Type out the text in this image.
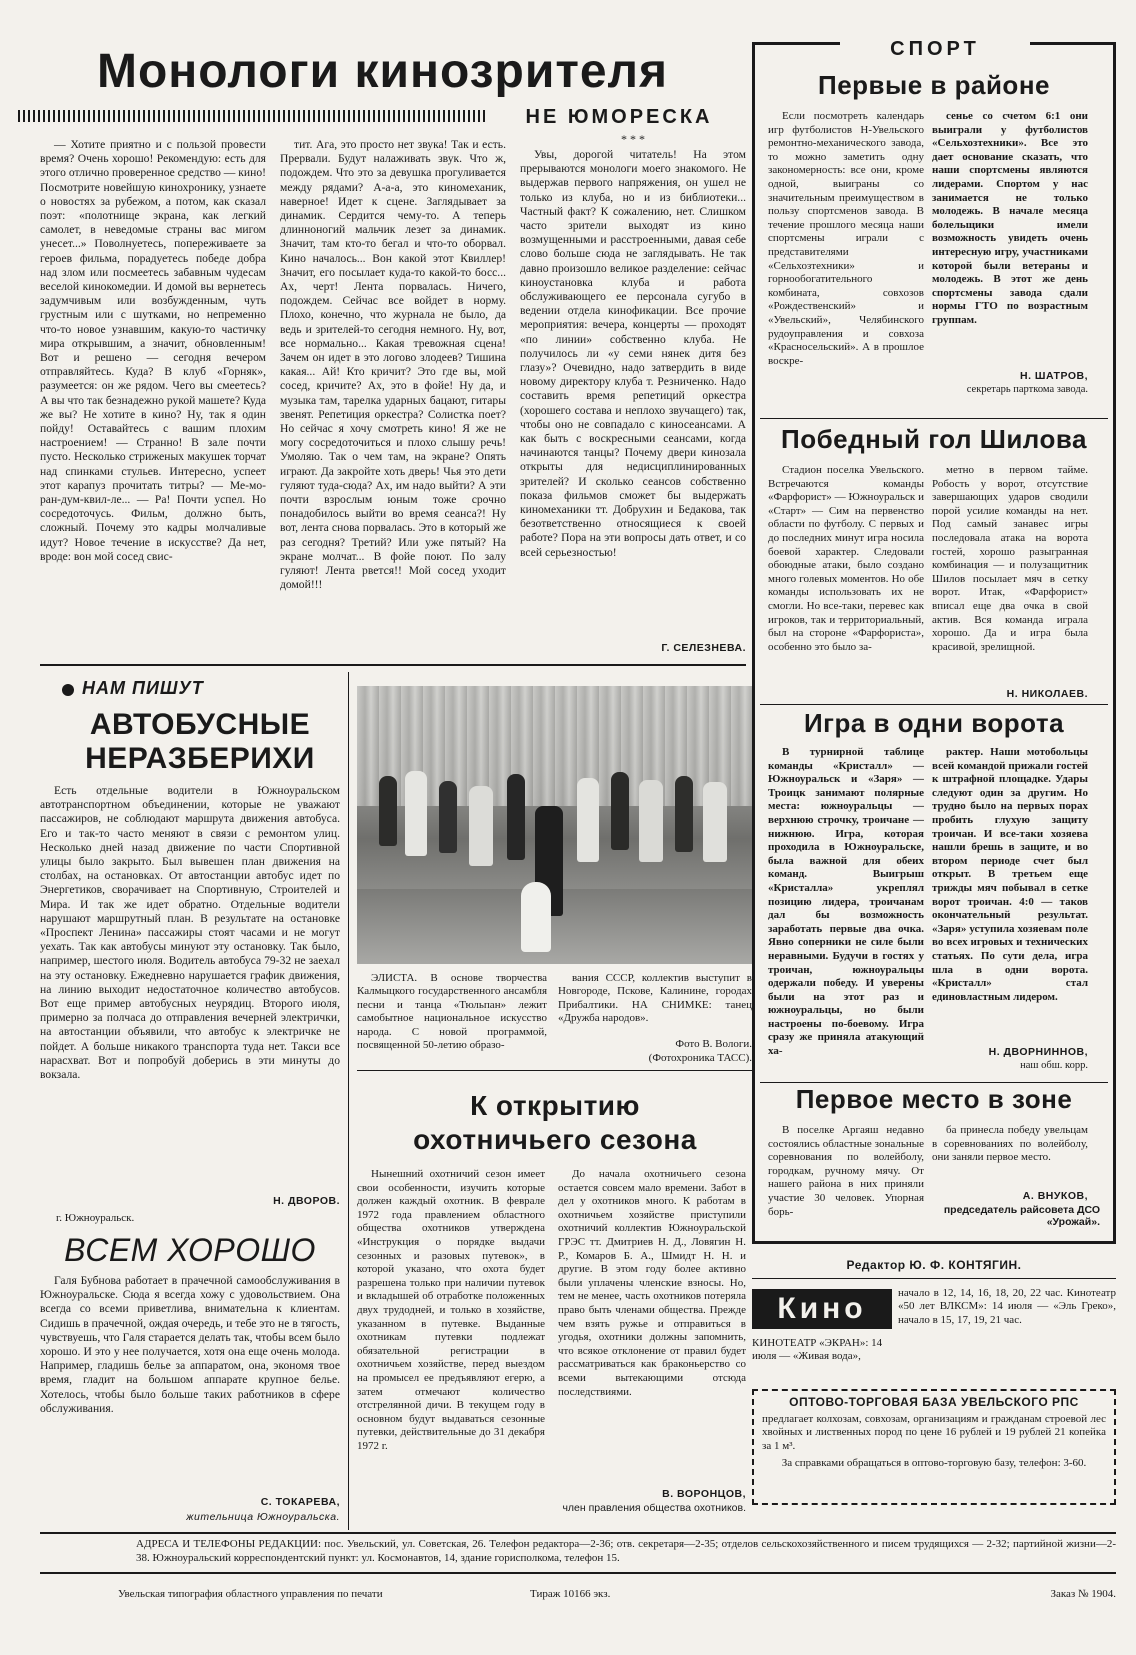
Монологи кинозрителя
НЕ ЮМОРЕСКА

— Хотите приятно и с пользой провести время? Очень хорошо! Рекомендую: есть для этого отлично проверенное средство — кино! Посмотрите новейшую кинохронику, узнаете о новостях за рубежом, а потом, как сказал поэт: «полотнище экрана, как легкий самолет, в неведомые страны вас мигом унесет...» Поволнуетесь, попереживаете за героев фильма, порадуетесь победе добра над злом или посмеетесь забавным чудесам веселой кинокомедии. И домой вы вернетесь задумчивым или возбужденным, чуть грустным или с шутками, но непременно что-то новое узнавшим, какую-то частичку мира открывшим, а значит, обновленным! Вот и решено — сегодня вечером отправляйтесь. Куда? В клуб «Горняк», разумеется: он же рядом. Чего вы смеетесь? А вы что так безнадежно рукой машете? Куда же вы? Не хотите в кино? Ну, так я один пойду! Оставайтесь с вашим плохим настроением! — Странно! В зале почти пусто. Несколько стриженых макушек торчат над спинками стульев. Интересно, успеет этот карапуз прочитать титры? — Ме-мо-ран-дум-квил-ле... — Ра! Почти успел. Но сосредоточусь. Фильм, должно быть, сложный. Почему это кадры молчаливые идут? Новое течение в искусстве? Да нет, вроде: вон мой сосед свис-

тит. Ага, это просто нет звука! Так и есть. Прервали. Будут налаживать звук. Что ж, подождем. Что это за девушка прогуливается между рядами? А-а-а, это киномеханик, наверное! Идет к сцене. Заглядывает за динамик. Сердится чему-то. А теперь длинноногий мальчик лезет за динамик. Значит, там кто-то бегал и что-то оборвал. Кино началось... Вон какой этот Квиллер! Значит, его посылает куда-то какой-то босс... Ах, черт! Лента порвалась. Ничего, подождем. Сейчас все войдет в норму. Плохо, конечно, что журнала не было, да ведь и зрителей-то сегодня немного. Ну, вот, все нормально... Какая тревожная сцена! Зачем он идет в это логово злодеев? Тишина какая... Ай! Кто кричит? Это где вы, мой сосед, кричите? Ах, это в фойе! Ну да, и музыка там, тарелка ударных бацают, гитары звенят. Репетиция оркестра? Солистка поет? Но сейчас я хочу смотреть кино! Я же не могу сосредоточиться и плохо слышу речь! Умоляю. Так о чем там, на экране? Опять играют. Да закройте хоть дверь! Чья это дети гуляют туда-сюда? Ах, им надо выйти? А эти почти взрослым юным тоже срочно понадобилось выйти во время сеанса?! Ну вот, лента снова порвалась. Это в который же раз сегодня? Третий? Или уже пятый? На экране молчат... В фойе поют. По залу гуляют! Лента рвется!! Мой сосед уходит домой!!!

* * *

Увы, дорогой читатель! На этом прерываются монологи моего знакомого. Не выдержав первого напряжения, он ушел не только из клуба, но и из библиотеки... Частный факт? К сожалению, нет. Слишком часто зрители выходят из кино возмущенными и расстроенными, давая себе слово больше сюда не заглядывать. Не так давно произошло великое разделение: сейчас киноустановка клуба и работа обслуживающего ее персонала сугубо в ведении отдела кинофикации. Все прочие мероприятия: вечера, концерты — проходят «по линии» собственно клуба. Не получилось ли «у семи нянек дитя без глазу»? Очевидно, надо затвердить в виде новому директору клуба т. Резниченко. Надо составить время репетиций оркестра (хорошего состава и неплохо звучащего) так, чтобы оно не совпадало с киносеансами. А как быть с воскресными сеансами, когда начинаются танцы? Почему двери кинозала открыты для недисциплинированных зрителей? И сколько сеансов собственно показа фильмов сможет бы выдержать киномеханики тт. Добрухин и Бедакова, так безответственно относящиеся к своей работе? Пора на эти вопросы дать ответ, и со всей серьезностью!

Г. СЕЛЕЗНЕВА.
НАМ ПИШУТ
АВТОБУСНЫЕ
НЕРАЗБЕРИХИ

Есть отдельные водители в Южноуральском автотранспортном объединении, которые не уважают пассажиров, не соблюдают маршрута движения автобуса. Его и так-то часто меняют в связи с ремонтом улиц. Несколько дней назад движение по части Спортивной улицы было закрыто. Был вывешен план движения на столбах, на остановках. От автостанции автобус идет по Энергетиков, сворачивает на Спортивную, Строителей и Мира. И так же идет обратно. Отдельные водители нарушают маршрутный план. В результате на остановке «Проспект Ленина» пассажиры стоят часами и не могут уехать. Так как автобусы минуют эту остановку. Так было, например, шестого июля. Водитель автобуса 79-32 не заехал на эту остановку. Ежедневно нарушается график движения, на линию выходит недостаточное количество автобусов. Вот еще пример автобусных неурядиц. Второго июля, примерно за полчаса до отправления вечерней электрички, на автостанции объявили, что автобус к электричке не пойдет. А больше никакого транспорта туда нет. Такси все нарасхват. Вот и попробуй доберись в эти минуты до вокзала.

Н. ДВОРОВ.
г. Южноуральск.
ВСЕМ ХОРОШО

Галя Бубнова работает в прачечной самообслуживания в Южноуральске. Сюда я всегда хожу с удовольствием. Она всегда со всеми приветлива, внимательна к клиентам. Сидишь в прачечной, ождая очередь, и тебе это не в тягость, чувствуешь, что Галя старается делать так, чтобы всем было хорошо. И это у нее получается, хотя она еще очень молода. Например, гладишь белье за аппаратом, она, экономя твое время, гладит на большом аппарате крупное белье. Хотелось, чтобы было больше таких работников в сфере обслуживания.

С. ТОКАРЕВА,
жительница Южноуральска.

ЭЛИСТА. В основе творчества Калмыцкого государственного ансамбля песни и танца «Тюльпан» лежит самобытное национальное искусство народа. С новой программой, посвященной 50-летию образо-

вания СССР, коллектив выступит в Новгороде, Пскове, Калинине, городах Прибалтики. НА СНИМКЕ: танец «Дружба народов».

Фото В. Вологи.
(Фотохроника ТАСС).
К открытию
охотничьего сезона

Нынешний охотничий сезон имеет свои особенности, изучить которые должен каждый охотник. В феврале 1972 года правлением областного общества охотников утверждена «Инструкция о порядке выдачи сезонных и разовых путевок», в которой указано, что охота будет разрешена только при наличии путевок и вкладышей об отработке положенных двух трудодней, и только в хозяйстве, указанном в путевке. Выданные охотникам путевки подлежат обязательной регистрации в охотничьем хозяйстве, перед выездом на промысел ее предъявляют егерю, а затем отмечают количество отстрелянной дичи. В текущем году в основном будут выдаваться сезонные путевки, действительные до 31 декабря 1972 г.

До начала охотничьего сезона остается совсем мало времени. Забот в дел у охотников много. К работам в охотничьем хозяйстве приступили охотничий коллектив Южноуральской ГРЭС тт. Дмитриев Н. Д., Ловягин Н. Р., Комаров Б. А., Шмидт Н. Н. и другие. В этом году более активно были уплачены членские взносы. Но, тем не менее, часть охотников потеряла право быть членами общества. Прежде чем взять ружье и отправиться в угодья, охотники должны запомнить, что всякое отклонение от правил будет рассматриваться как браконьерство со всеми вытекающими отсюда последствиями.

В. ВОРОНЦОВ,
член правления общества охотников.
СПОРТ
Первые в районе

Если посмотреть календарь игр футболистов Н-Увельского ремонтно-механического завода, то можно заметить одну закономерность: все они, кроме одной, выиграны со значительным преимуществом в пользу спортсменов завода. В течение прошлого месяца наши спортсмены играли с представителями «Сельхозтехники» и горнообогатительного комбината, совхозов «Рождественский» и «Увельский», Челябинского рудоуправления и совхоза «Красносельский». А в прошлое воскре-

сенье со счетом 6:1 они выиграли у футболистов «Сельхозтехники». Все это дает основание сказать, что наши спортсмены являются лидерами. Спортом у нас занимается не только молодежь. В начале месяца болельщики имели возможность увидеть очень интересную игру, участниками которой были ветераны и молодежь. В этот же день спортсмены завода сдали нормы ГТО по возрастным группам.

Н. ШАТРОВ,
секретарь парткома завода.
Победный гол Шилова

Стадион поселка Увельского. Встречаются команды «Фарфорист» — Южноуральск и «Старт» — Сим на первенство области по футболу. С первых и до последних минут игра носила боевой характер. Следовали обоюдные атаки, было создано много голевых моментов. Но обе команды использовать их не смогли. Но все-таки, перевес как игроков, так и территориальный, был на стороне «Фарфориста», особенно это было за-

метно в первом тайме. Робость у ворот, отсутствие завершающих ударов сводили порой усилие команды на нет. Под самый занавес игры последовала атака на ворота гостей, хорошо разыгранная комбинация — и полузащитник Шилов посылает мяч в сетку ворот. Итак, «Фарфорист» вписал еще два очка в свой актив. Вся команда играла хорошо. Да и игра была красивой, зрелищной.

Н. НИКОЛАЕВ.
Игра в одни ворота

В турнирной таблице команды «Кристалл» — Южноуральск и «Заря» — Троицк занимают полярные места: южноуральцы — верхнюю строчку, троичане — нижнюю. Игра, которая проходила в Южноуральске, была важной для обеих команд. Выигрыш «Кристалла» укреплял позицию лидера, троичанам дал бы возможность заработать первые два очка. Явно соперники не силе были неравными. Будучи в гостях у троичан, южноуральцы одержали победу. И уверены были на этот раз и южноуральцы, но были настроены по-боевому. Игра сразу же приняла атакующий ха-

рактер. Наши мотобольцы всей командой прижали гостей к штрафной площадке. Удары следуют один за другим. Но трудно было на первых порах пробить глухую защиту троичан. И все-таки хозяева нашли брешь в защите, и во втором периоде счет был открыт. В третьем еще трижды мяч побывал в сетке ворот троичан. 4:0 — таков окончательный результат. «Заря» уступила хозяевам поле во всех игровых и технических статьях. По сути дела, игра шла в одни ворота. «Кристалл» стал единовластным лидером.

Н. ДВОРНИННОВ,
наш обш. корр.
Первое место в зоне

В поселке Аргаяш недавно состоялись областные зональные соревнования по волейболу, городкам, ручному мячу. От нашего района в них приняли участие 30 человек. Упорная борь-

ба принесла победу увельцам в соревнованиях по волейболу, они заняли первое место.

А. ВНУКОВ,
председатель райсовета ДСО «Урожай».
Редактор Ю. Ф. КОНТЯГИН.
Кино	начало в 12, 14, 16, 18, 20, 22 час. Кинотеатр «50 лет ВЛКСМ»: 14 июля — «Эль Греко», начало в 15, 17, 19, 21 час.

КИНОТЕАТР «ЭКРАН»: 14 июля — «Живая вода»,
ОПТОВО-ТОРГОВАЯ БАЗА УВЕЛЬСКОГО РПС
предлагает колхозам, совхозам, организациям и гражданам строевой лес хвойных и лиственных пород по цене 16 рублей и 19 рублей 21 копейка за 1 м³.
За справками обращаться в оптово-торговую базу, телефон: 3-60.
АДРЕСА И ТЕЛЕФОНЫ РЕДАКЦИИ: пос. Увельский, ул. Советская, 26. Телефон редактора—2-36; отв. секретаря—2-35; отделов сельскохозяйственного и писем трудящихся — 2-32; партийной жизни—2-38. Южноуральский корреспондентский пункт: ул. Космонавтов, 14, здание горисполкома, телефон 15.
Увельская типография областного управления по печати	Тираж 10166 экз.	Заказ № 1904.
